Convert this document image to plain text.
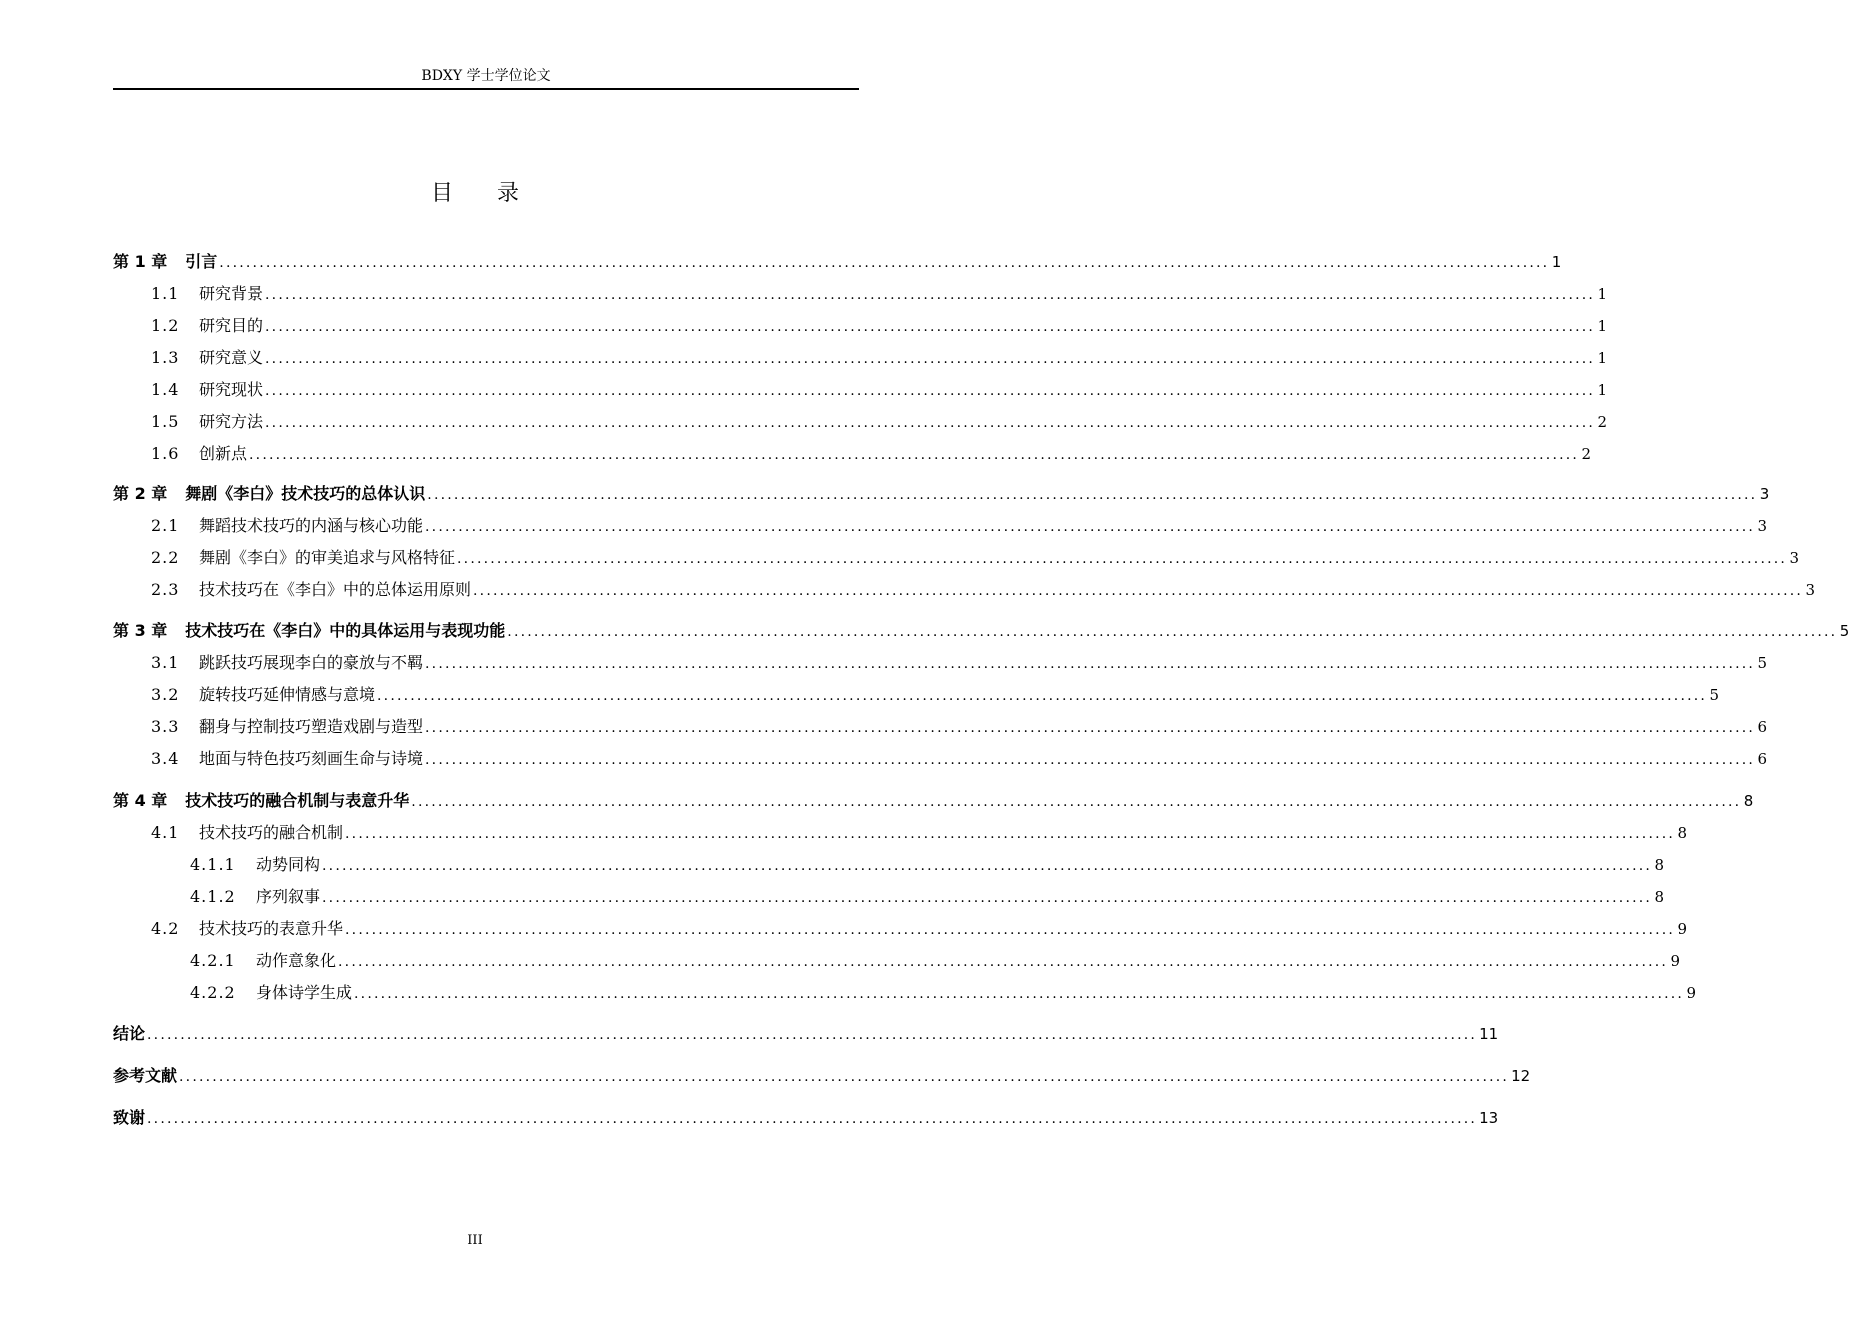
BDXY 学士学位论文
目录
第 1 章 引言 ........................................................................................................................................................................................................ 1
1.1 研究背景 ........................................................................................................................................................................................................ 1
1.2 研究目的 ........................................................................................................................................................................................................ 1
1.3 研究意义 ........................................................................................................................................................................................................ 1
1.4 研究现状 ........................................................................................................................................................................................................ 1
1.5 研究方法 ........................................................................................................................................................................................................ 2
1.6 创新点 ........................................................................................................................................................................................................ 2
第 2 章 舞剧《李白》技术技巧的总体认识 ........................................................................................................................................................................................................ 3
2.1 舞蹈技术技巧的内涵与核心功能 ........................................................................................................................................................................................................ 3
2.2 舞剧《李白》的审美追求与风格特征 ........................................................................................................................................................................................................ 3
2.3 技术技巧在《李白》中的总体运用原则 ........................................................................................................................................................................................................ 3
第 3 章 技术技巧在《李白》中的具体运用与表现功能 ........................................................................................................................................................................................................ 5
3.1 跳跃技巧展现李白的豪放与不羁 ........................................................................................................................................................................................................ 5
3.2 旋转技巧延伸情感与意境 ........................................................................................................................................................................................................ 5
3.3 翻身与控制技巧塑造戏剧与造型 ........................................................................................................................................................................................................ 6
3.4 地面与特色技巧刻画生命与诗境 ........................................................................................................................................................................................................ 6
第 4 章 技术技巧的融合机制与表意升华 ........................................................................................................................................................................................................ 8
4.1 技术技巧的融合机制 ........................................................................................................................................................................................................ 8
4.1.1 动势同构 ........................................................................................................................................................................................................ 8
4.1.2 序列叙事 ........................................................................................................................................................................................................ 8
4.2 技术技巧的表意升华 ........................................................................................................................................................................................................ 9
4.2.1 动作意象化 ........................................................................................................................................................................................................ 9
4.2.2 身体诗学生成 ........................................................................................................................................................................................................ 9
结论 ........................................................................................................................................................................................................ 11
参考文献 ........................................................................................................................................................................................................ 12
致谢 ........................................................................................................................................................................................................ 13
III
